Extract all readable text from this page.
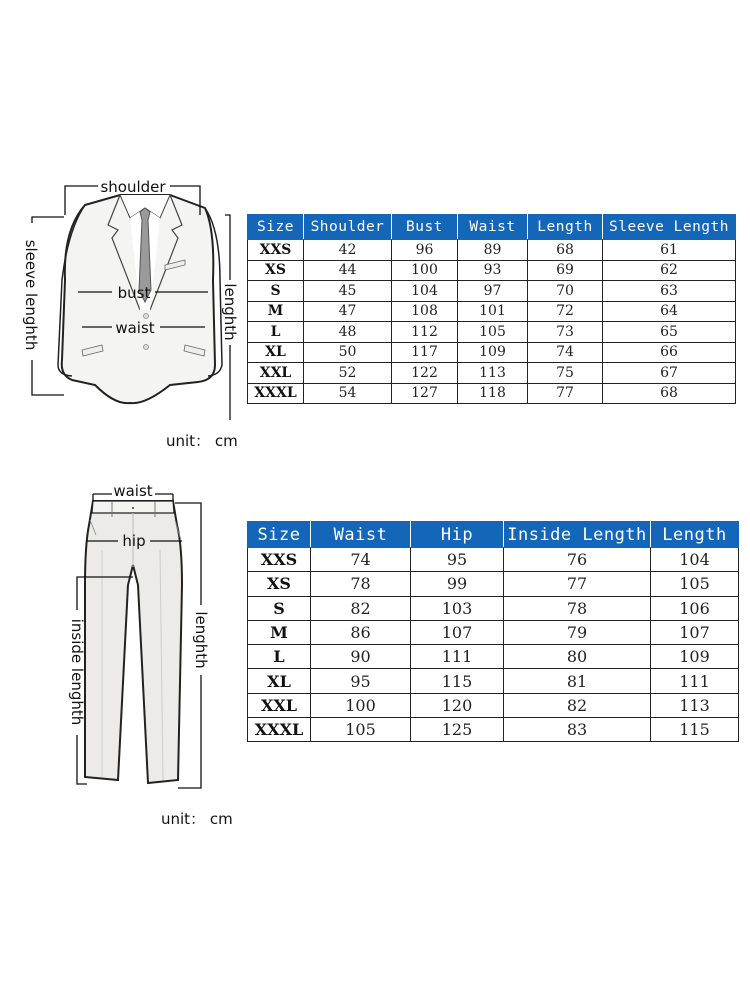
shoulder
bust
waist
sleeve lenghth	lenghth
unit： cm
Size	Shoulder	Bust	Waist	Length	Sleeve Length
XXS	42	96	89	68	61
XS	44	100	93	69	62
S	45	104	97	70	63
M	47	108	101	72	64
L	48	112	105	73	65
XL	50	117	109	74	66
XXL	52	122	113	75	67
XXXL	54	127	118	77	68
waist
hip
inside lenghth	lenghth
unit： cm
Size	Waist	Hip	Inside Length	Length
XXS	74	95	76	104
XS	78	99	77	105
S	82	103	78	106
M	86	107	79	107
L	90	111	80	109
XL	95	115	81	111
XXL	100	120	82	113
XXXL	105	125	83	115
